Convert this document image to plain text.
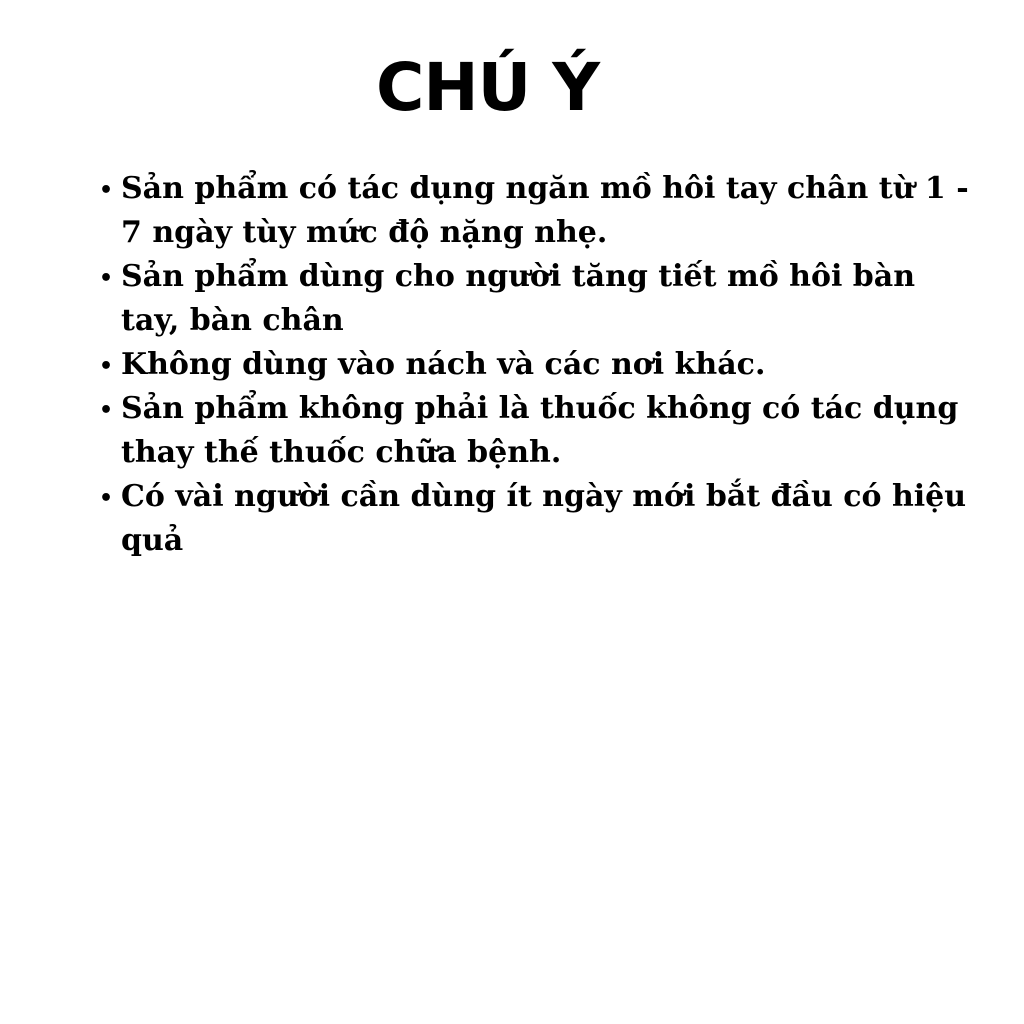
CHÚ Ý
• Sản phẩm có tác dụng ngăn mồ hôi tay chân từ 1 - 7 ngày tùy mức độ nặng nhẹ.
• Sản phẩm dùng cho người tăng tiết mồ hôi bàn tay, bàn chân
• Không dùng vào nách và các nơi khác.
• Sản phẩm không phải là thuốc không có tác dụng thay thế thuốc chữa bệnh.
• Có vài người cần dùng ít ngày mới bắt đầu có hiệu quả
